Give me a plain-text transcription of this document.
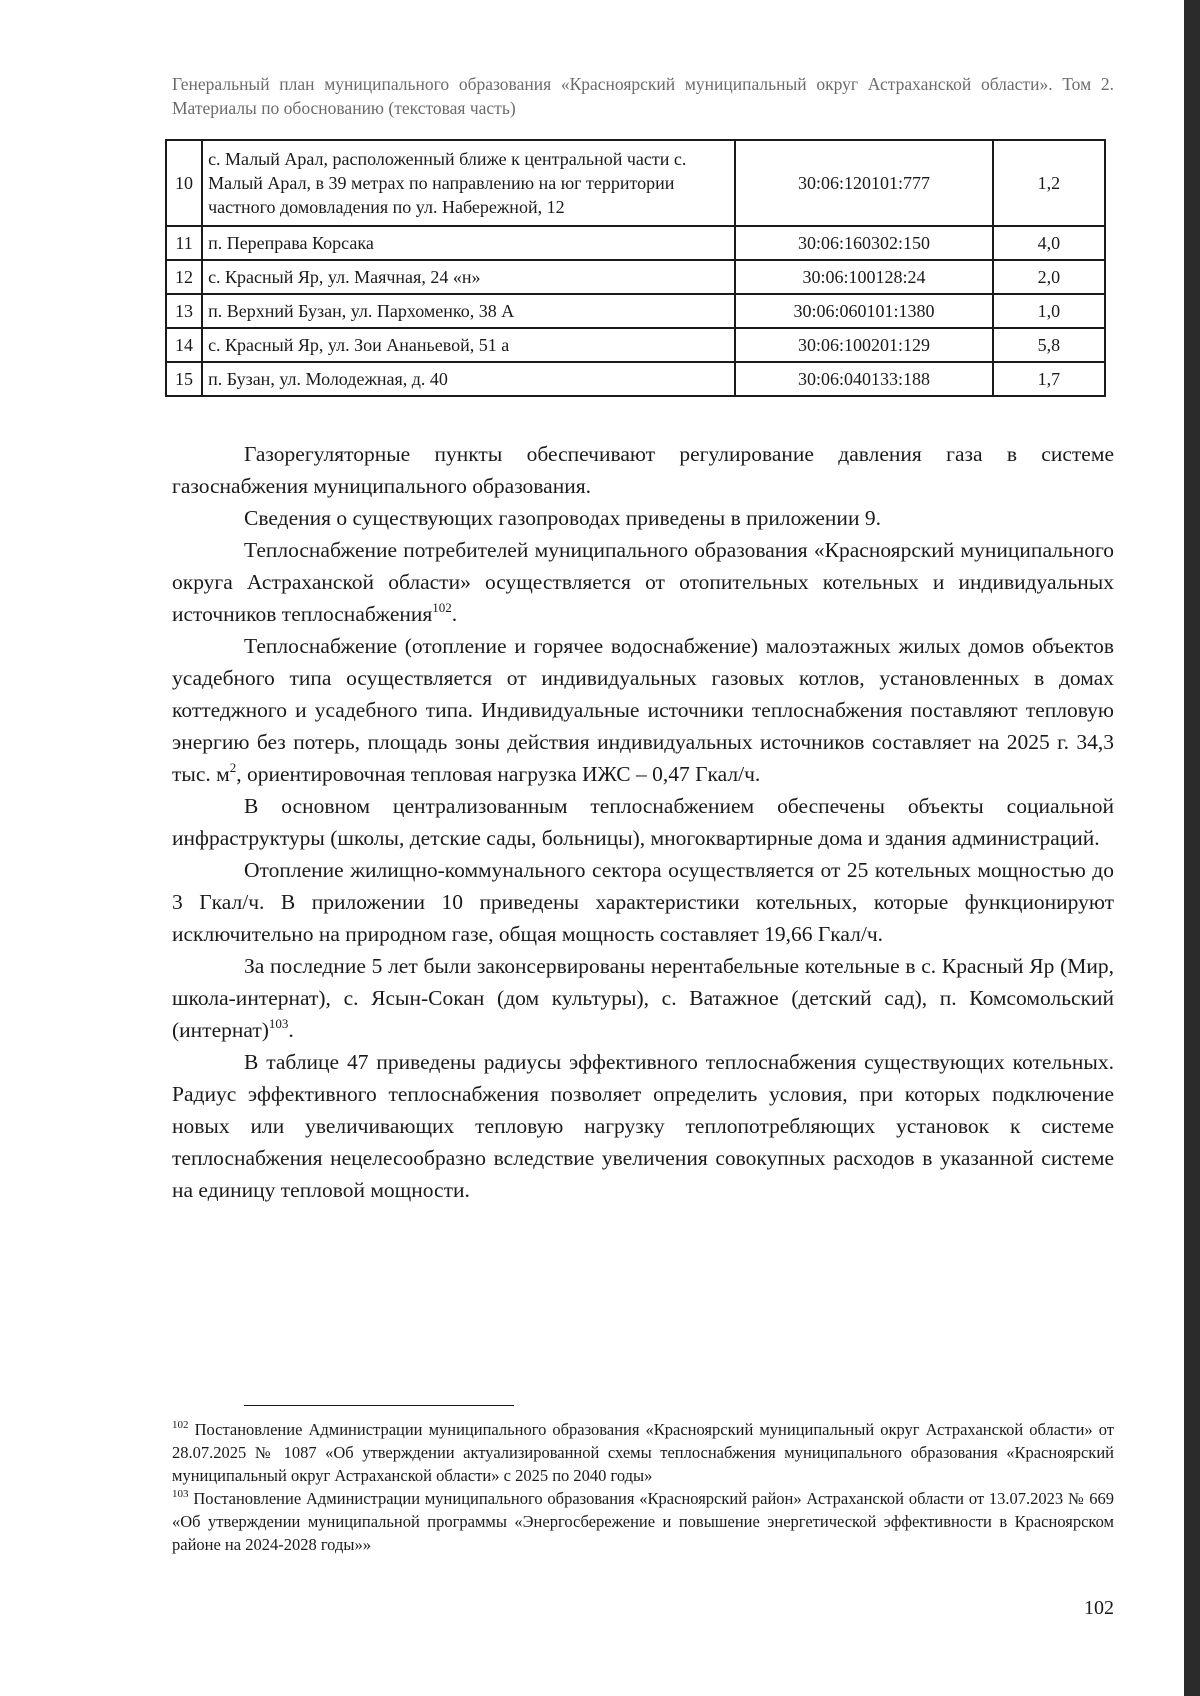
Генеральный план муниципального образования «Красноярский муниципальный округ Астраханской области». Том 2. Материалы по обоснованию (текстовая часть)
10	с. Малый Арал, расположенный ближе к центральной части с. Малый Арал, в 39 метрах по направлению на юг территории частного домовладения по ул. Набережной, 12	30:06:120101:777	1,2
11	п. Переправа Корсака	30:06:160302:150	4,0
12	с. Красный Яр, ул. Маячная, 24 «н»	30:06:100128:24	2,0
13	п. Верхний Бузан, ул. Пархоменко, 38 А	30:06:060101:1380	1,0
14	с. Красный Яр, ул. Зои Ананьевой, 51 а	30:06:100201:129	5,8
15	п. Бузан, ул. Молодежная, д. 40	30:06:040133:188	1,7

Газорегуляторные пункты обеспечивают регулирование давления газа в системе газоснабжения муниципального образования.

Сведения о существующих газопроводах приведены в приложении 9.

Теплоснабжение потребителей муниципального образования «Красноярский муниципального округа Астраханской области» осуществляется от отопительных котельных и индивидуальных источников теплоснабжения$^{102}$.

Теплоснабжение (отопление и горячее водоснабжение) малоэтажных жилых домов объектов усадебного типа осуществляется от индивидуальных газовых котлов, установленных в домах коттеджного и усадебного типа. Индивидуальные источники теплоснабжения поставляют тепловую энергию без потерь, площадь зоны действия индивидуальных источников составляет на 2025 г. 34,3 тыс. $м^2$, ориентировочная тепловая нагрузка ИЖС – 0,47 Гкал/ч.

В основном централизованным теплоснабжением обеспечены объекты социальной инфраструктуры (школы, детские сады, больницы), многоквартирные дома и здания администраций.

Отопление жилищно-коммунального сектора осуществляется от 25 котельных мощностью до 3 Гкал/ч. В приложении 10 приведены характеристики котельных, которые функционируют исключительно на природном газе, общая мощность составляет 19,66 Гкал/ч.

За последние 5 лет были законсервированы нерентабельные котельные в с. Красный Яр (Мир, школа-интернат), с. Ясын-Сокан (дом культуры), с. Ватажное (детский сад), п. Комсомольский (интернат)$^{103}$.

В таблице 47 приведены радиусы эффективного теплоснабжения существующих котельных. Радиус эффективного теплоснабжения позволяет определить условия, при которых подключение новых или увеличивающих тепловую нагрузку теплопотребляющих установок к системе теплоснабжения нецелесообразно вследствие увеличения совокупных расходов в указанной системе на единицу тепловой мощности.

$^{102}$ Постановление Администрации муниципального образования «Красноярский муниципальный округ Астраханской области» от 28.07.2025 № 1087 «Об утверждении актуализированной схемы теплоснабжения муниципального образования «Красноярский муниципальный округ Астраханской области» с 2025 по 2040 годы»

$^{103}$ Постановление Администрации муниципального образования «Красноярский район» Астраханской области от 13.07.2023 № 669 «Об утверждении муниципальной программы «Энергосбережение и повышение энергетической эффективности в Красноярском районе на 2024-2028 годы»»

102
